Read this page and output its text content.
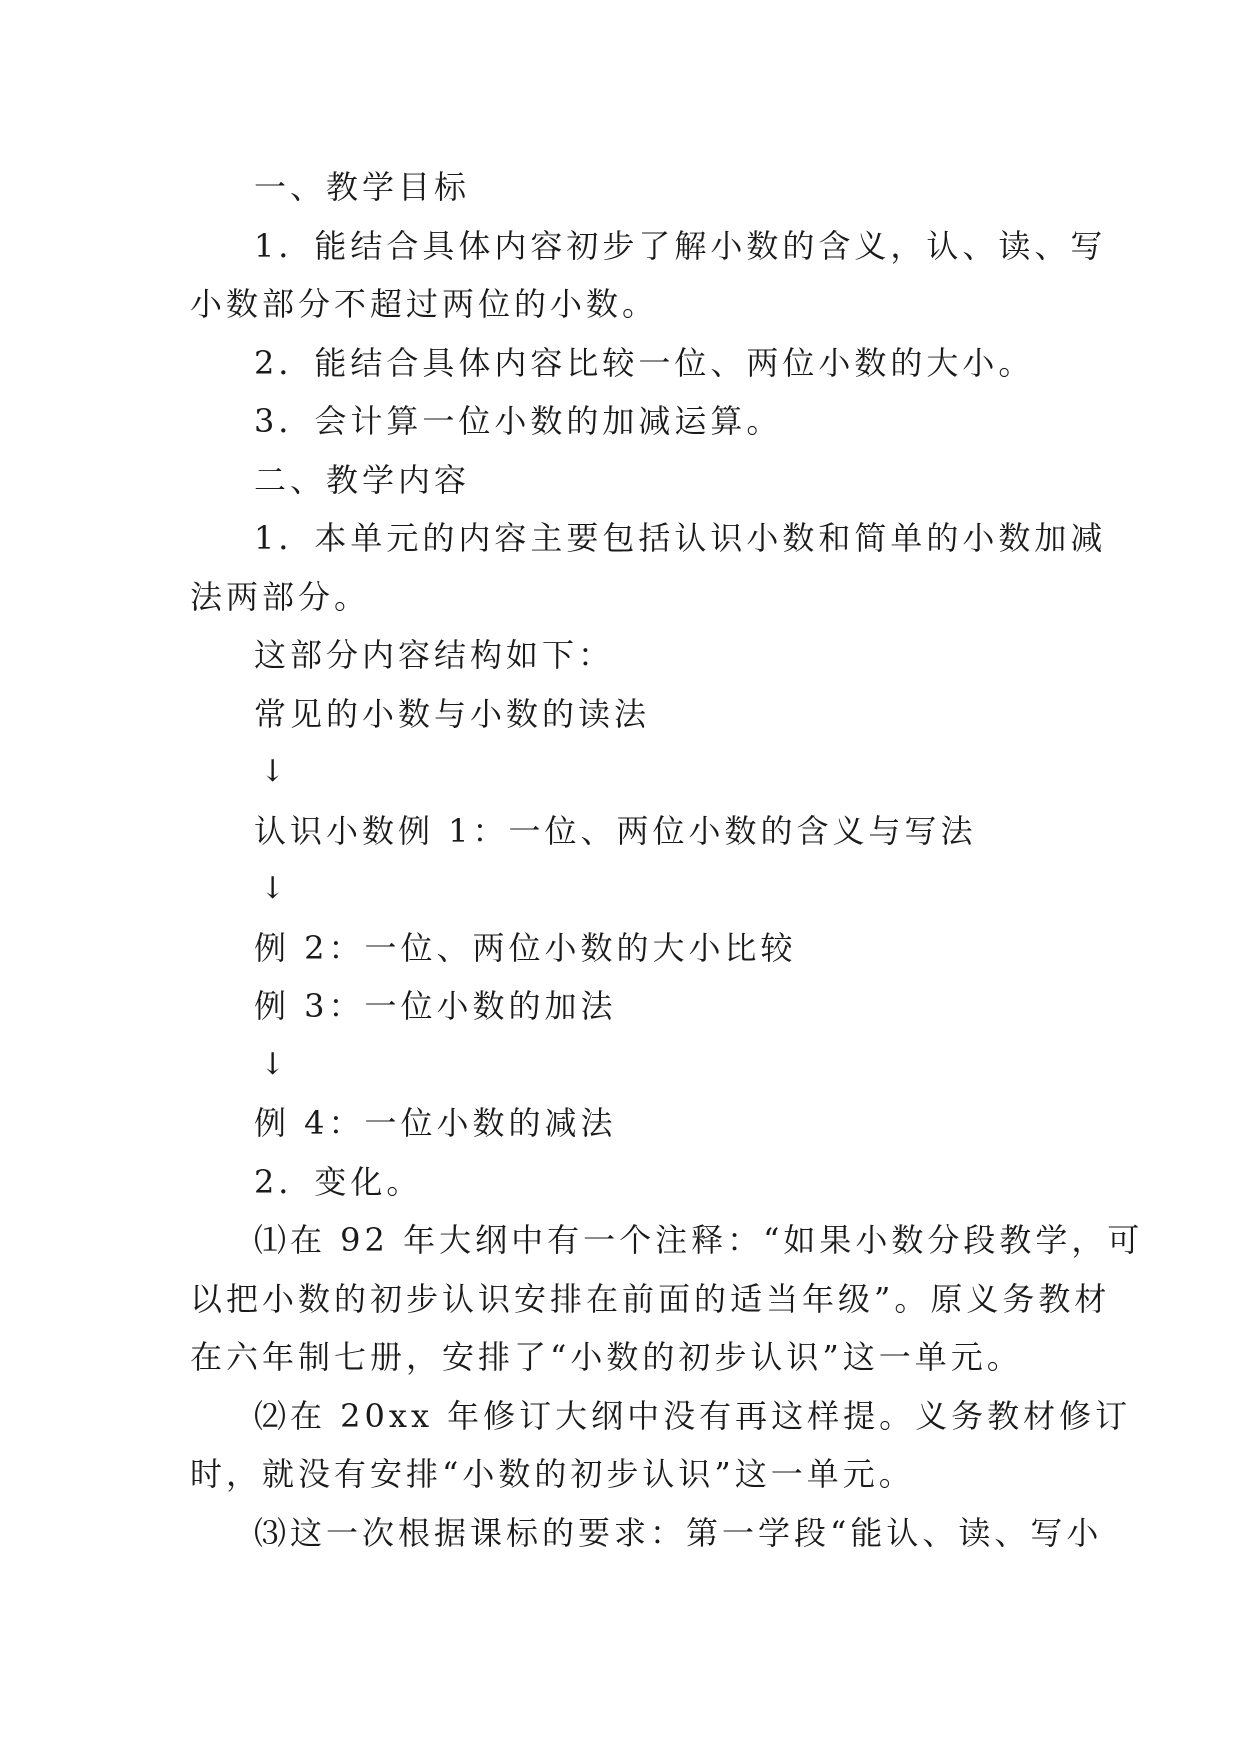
一、教学目标
1．能结合具体内容初步了解小数的含义，认、读、写
小数部分不超过两位的小数。
2．能结合具体内容比较一位、两位小数的大小。
3．会计算一位小数的加减运算。
二、教学内容
1．本单元的内容主要包括认识小数和简单的小数加减
法两部分。
这部分内容结构如下：
常见的小数与小数的读法
↓
认识小数例 1：一位、两位小数的含义与写法
↓
例 2：一位、两位小数的大小比较
例 3：一位小数的加法
↓
例 4：一位小数的减法
2．变化。
⑴在 92 年大纲中有一个注释：“如果小数分段教学，可
以把小数的初步认识安排在前面的适当年级”。原义务教材
在六年制七册，安排了“小数的初步认识”这一单元。
⑵在 20xx 年修订大纲中没有再这样提。义务教材修订
时，就没有安排“小数的初步认识”这一单元。
⑶这一次根据课标的要求：第一学段“能认、读、写小
